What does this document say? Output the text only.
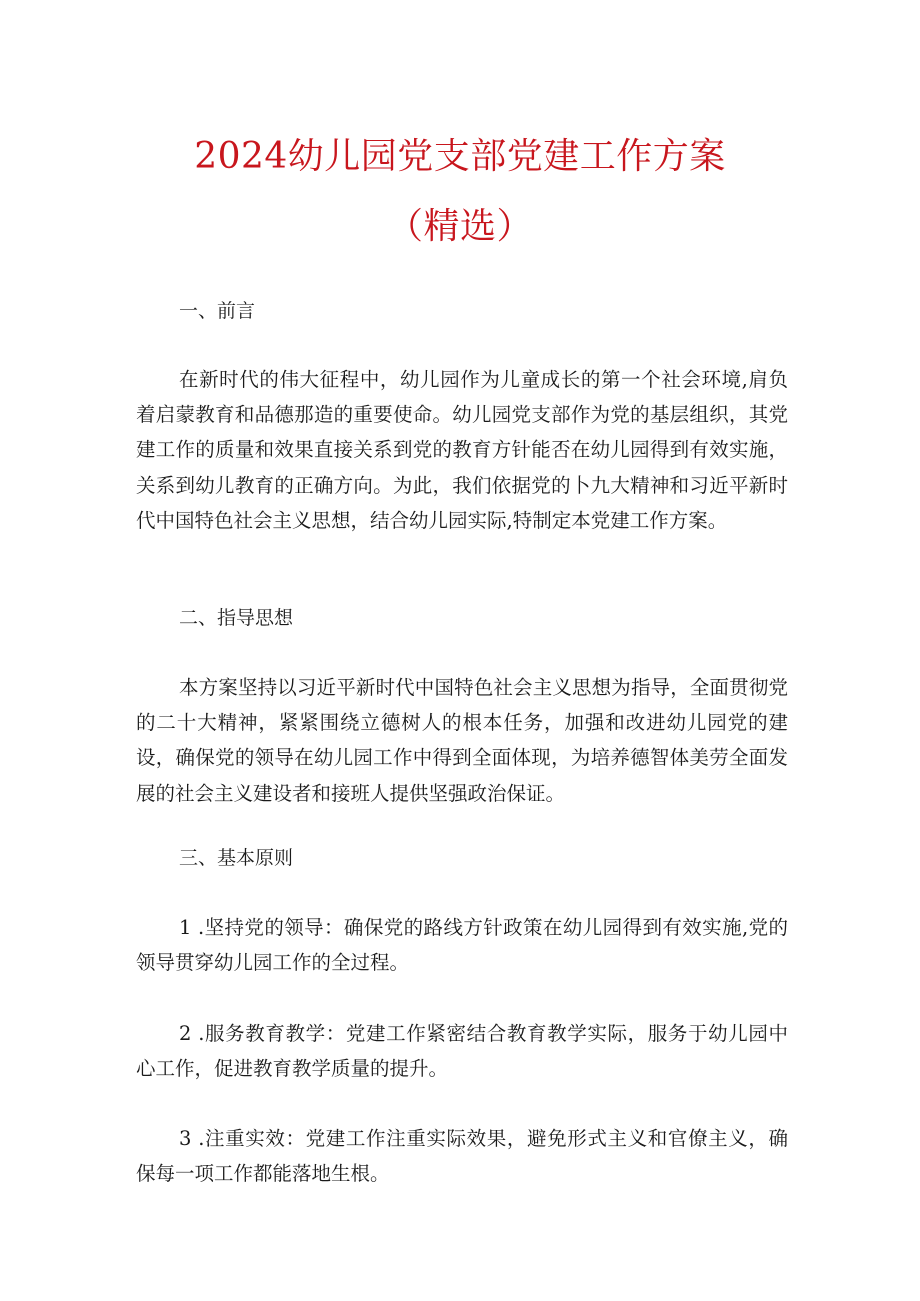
2024幼儿园党支部党建工作方案
（精选）
一、前言

在新时代的伟大征程中，幼儿园作为儿童成长的第一个社会环境,肩负着启蒙教育和品德那造的重要使命。幼儿园党支部作为党的基层组织，其党建工作的质量和效果直接关系到党的教育方针能否在幼儿园得到有效实施，关系到幼儿教育的正确方向。为此，我们依据党的卜九大精神和习近平新时代中国特色社会主义思想，结合幼儿园实际,特制定本党建工作方案。

二、指导思想

本方案坚持以习近平新时代中国特色社会主义思想为指导，全面贯彻党的二十大精神，紧紧围绕立德树人的根本任务，加强和改进幼儿园党的建设，确保党的领导在幼儿园工作中得到全面体现，为培养德智体美劳全面发展的社会主义建设者和接班人提供坚强政治保证。

三、基本原则

1 .坚持党的领导：确保党的路线方针政策在幼儿园得到有效实施,党的领导贯穿幼儿园工作的全过程。

2 .服务教育教学：党建工作紧密结合教育教学实际，服务于幼儿园中心工作，促进教育教学质量的提升。

3 .注重实效：党建工作注重实际效果，避免形式主义和官僚主义，确保每一项工作都能落地生根。
